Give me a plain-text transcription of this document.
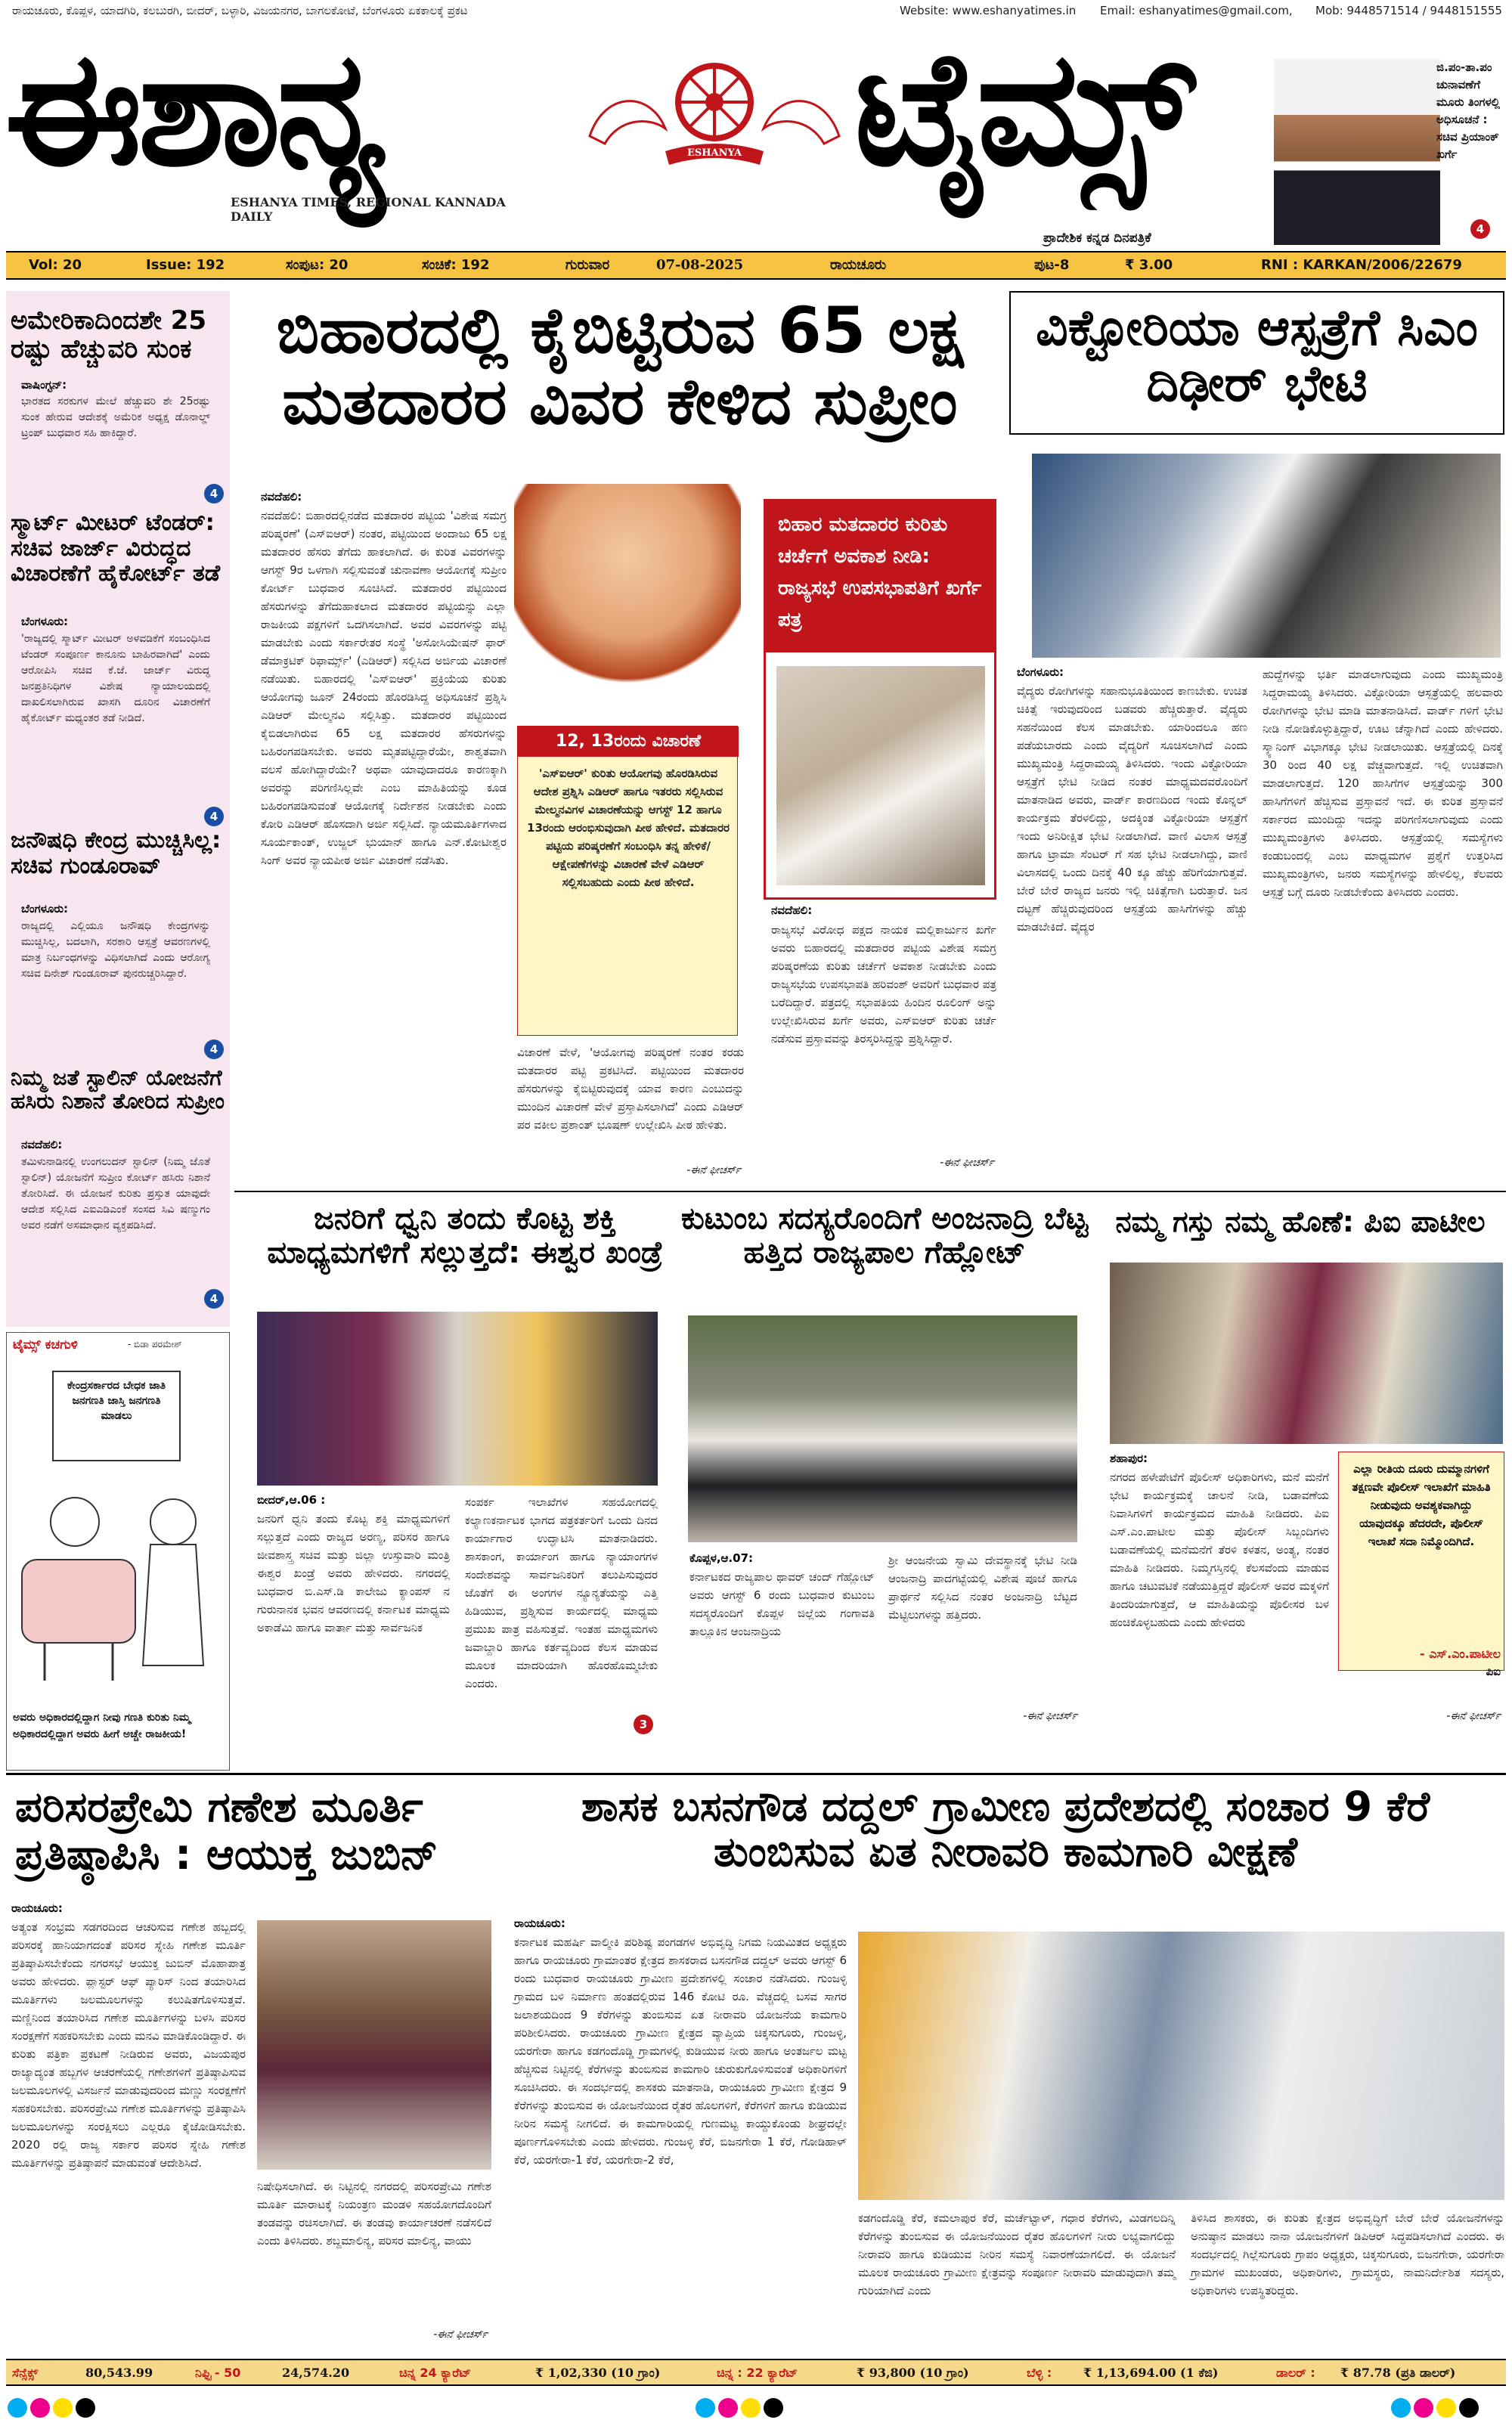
ರಾಯಚೂರು, ಕೊಪ್ಪಳ, ಯಾದಗಿರಿ, ಕಲಬುರಗಿ, ಬೀದರ್, ಬಳ್ಳಾರಿ, ವಿಜಯನಗರ, ಬಾಗಲಕೋಟೆ, ಬೆಂಗಳೂರು ಏಕಕಾಲಕ್ಕೆ ಪ್ರಕಟ	Website: www.eshanyatimes.in	Email: eshanyatimes@gmail.com,	Mob: 9448571514 / 9448151555
ಈಶಾನ್ಯ	ESHANYA TIMES ಟೈಮ್ಸ್
ESHANYA TIMES, REGIONAL KANNADA DAILY
ಪ್ರಾದೇಶಿಕ ಕನ್ನಡ ದಿನಪತ್ರಿಕೆ
ಜಿ.ಪಂ-ತಾ.ಪಂ
ಚುನಾವಣೆಗೆ
ಮೂರು ತಿಂಗಳಲ್ಲಿ
ಅಧಿಸೂಚನೆ :
ಸಚಿವ ಪ್ರಿಯಾಂಕ್
ಖರ್ಗೆ
4
Vol: 20	Issue: 192	ಸಂಪುಟ: 20	ಸಂಚಿಕೆ: 192	ಗುರುವಾರ	07-08-2025	ರಾಯಚೂರು	ಪುಟ-8	₹ 3.00	RNI : KARKAN/2006/22679
ಅಮೇರಿಕಾದಿಂದಶೇ 25 ರಷ್ಟು ಹೆಚ್ಚುವರಿ ಸುಂಕ
ವಾಷಿಂಗ್ಟನ್:
ಭಾರತದ ಸರಕುಗಳ ಮೇಲೆ ಹೆಚ್ಚುವರಿ ಶೇ 25ರಷ್ಟು ಸುಂಕ ಹೇರುವ ಆದೇಶಕ್ಕೆ ಅಮೆರಿಕ ಅಧ್ಯಕ್ಷ ಡೊನಾಲ್ಡ್ ಟ್ರಂಪ್ ಬುಧವಾರ ಸಹಿ ಹಾಕಿದ್ದಾರೆ.
4
ಸ್ಮಾರ್ಟ್ ಮೀಟರ್ ಟೆಂಡರ್: ಸಚಿವ ಜಾರ್ಜ್ ವಿರುದ್ಧದ ವಿಚಾರಣೆಗೆ ಹೈಕೋರ್ಟ್ ತಡೆ
ಬೆಂಗಳೂರು:
'ರಾಜ್ಯದಲ್ಲಿ ಸ್ಮಾರ್ಟ್ ಮೀಟರ್ ಅಳವಡಿಕೆಗೆ ಸಂಬಂಧಿಸಿದ ಟೆಂಡರ್ ಸಂಪೂರ್ಣ ಕಾನೂನು ಬಾಹಿರವಾಗಿದೆ' ಎಂದು ಆರೋಪಿಸಿ ಸಚಿವ ಕೆ.ಜೆ. ಜಾರ್ಜ್ ವಿರುದ್ಧ ಜನಪ್ರತಿನಿಧಿಗಳ ವಿಶೇಷ ನ್ಯಾಯಾಲಯದಲ್ಲಿ ದಾಖಲಿಸಲಾಗಿರುವ ಖಾಸಗಿ ದೂರಿನ ವಿಚಾರಣೆಗೆ ಹೈಕೋರ್ಟ್ ಮಧ್ಯಂತರ ತಡೆ ನೀಡಿದೆ.
4
ಜನೌಷಧಿ ಕೇಂದ್ರ ಮುಚ್ಚಿಸಿಲ್ಲ: ಸಚಿವ ಗುಂಡೂರಾವ್
ಬೆಂಗಳೂರು:
ರಾಜ್ಯದಲ್ಲಿ ಎಲ್ಲಿಯೂ ಜನೌಷಧಿ ಕೇಂದ್ರಗಳನ್ನು ಮುಚ್ಚಿಸಿಲ್ಲ, ಬದಲಾಗಿ, ಸರಕಾರಿ ಆಸ್ಪತ್ರೆ ಆವರಣಗಳಲ್ಲಿ ಮಾತ್ರ ನಿರ್ಬಂಧಗಳನ್ನು ವಿಧಿಸಲಾಗಿದೆ ಎಂದು ಆರೋಗ್ಯ ಸಚಿವ ದಿನೇಶ್ ಗುಂಡೂರಾವ್ ಪುನರುಚ್ಚರಿಸಿದ್ದಾರೆ.
4
ನಿಮ್ಮ ಜತೆ ಸ್ಟಾಲಿನ್ ಯೋಜನೆಗೆ ಹಸಿರು ನಿಶಾನೆ ತೋರಿದ ಸುಪ್ರೀಂ
ನವದೆಹಲಿ:
ತಮಿಳುನಾಡಿನಲ್ಲಿ ಉಂಗಲುದನ್ ಸ್ಟಾಲಿನ್ (ನಿಮ್ಮ ಜೊತೆ ಸ್ಟಾಲಿನ್) ಯೋಜನೆಗೆ ಸುಪ್ರೀಂ ಕೋರ್ಟ್ ಹಸಿರು ನಿಶಾನೆ ತೋರಿಸಿದೆ. ಈ ಯೋಜನೆ ಕುರಿತು ಪ್ರಸ್ತುತ ಯಾವುದೇ ಆದೇಶ ಸಲ್ಲಿಸಿದ ಎಐಎಡಿಎಂಕೆ ಸಂಸದ ಸಿವಿ ಷಣ್ಮುಗಂ ಅವರ ನಡೆಗೆ ಅಸಮಾಧಾನ ವ್ಯಕ್ತಪಡಿಸಿದೆ.
4
ಟೈಮ್ಸ್ ಕಚಗುಳಿ	- ಬಿಡಾ ಪರಮೇಶ್
ಕೇಂದ್ರಸರ್ಕಾರದ ಬೇಧಕ ಜಾತಿ ಜನಗಣತಿ ಜಾಸ್ತಿ ಜನಗಣತಿ ಮಾಡಲು
ಅವರು ಅಧಿಕಾರದಲ್ಲಿದ್ದಾಗ ನೀವು ಗಣತಿ ಕುರಿತು ನಿಮ್ಮ ಅಧಿಕಾರದಲ್ಲಿದ್ದಾಗ ಅವರು ಹೀಗೆ ಅಚ್ಚೇ ರಾಜಕೀಯ!
ಬಿಹಾರದಲ್ಲಿ ಕೈಬಿಟ್ಟಿರುವ 65 ಲಕ್ಷ ಮತದಾರರ ವಿವರ ಕೇಳಿದ ಸುಪ್ರೀಂ
ನವದೆಹಲಿ:
ನವದೆಹಲಿ: ಬಿಹಾರದಲ್ಲಿನಡೆದ ಮತದಾರರ ಪಟ್ಟಿಯ 'ವಿಶೇಷ ಸಮಗ್ರ ಪರಿಷ್ಕರಣೆ' (ಎಸ್ಐಆರ್) ನಂತರ, ಪಟ್ಟಿಯಿಂದ ಅಂದಾಜು 65 ಲಕ್ಷ ಮತದಾರರ ಹೆಸರು ತೆಗೆದು ಹಾಕಲಾಗಿದೆ. ಈ ಕುರಿತ ವಿವರಗಳನ್ನು ಆಗಸ್ಟ್ 9ರ ಒಳಗಾಗಿ ಸಲ್ಲಿಸುವಂತೆ ಚುನಾವಣಾ ಆಯೋಗಕ್ಕೆ ಸುಪ್ರೀಂ ಕೋರ್ಟ್ ಬುಧವಾರ ಸೂಚಿಸಿದೆ. ಮತದಾರರ ಪಟ್ಟಿಯಿಂದ ಹೆಸರುಗಳನ್ನು ತೆಗೆದುಹಾಕಲಾದ ಮತದಾರರ ಪಟ್ಟಿಯನ್ನು ಎಲ್ಲಾ ರಾಜಕೀಯ ಪಕ್ಷಗಳಿಗೆ ಒದಗಿಸಲಾಗಿದೆ. ಅವರ ವಿವರಗಳನ್ನು ಪಟ್ಟಿ ಮಾಡಬೇಕು ಎಂದು ಸರ್ಕಾರೇತರ ಸಂಸ್ಥೆ 'ಅಸೋಸಿಯೇಷನ್ ಫಾರ್ ಡೆಮಾಕ್ರಟಿಕ್ ರಿಫಾರ್ಮ್ಸ್' (ಎಡಿಆರ್) ಸಲ್ಲಿಸಿದ ಅರ್ಜಿಯ ವಿಚಾರಣೆ ನಡೆಯಿತು. ಬಿಹಾರದಲ್ಲಿ 'ಎಸ್ಐಆರ್' ಪ್ರಕ್ರಿಯೆಯ ಕುರಿತು ಆಯೋಗವು ಜೂನ್ 24ರಂದು ಹೊರಡಿಸಿದ್ದ ಅಧಿಸೂಚನೆ ಪ್ರಶ್ನಿಸಿ ಎಡಿಆರ್ ಮೇಲ್ಮನವಿ ಸಲ್ಲಿಸಿತ್ತು. ಮತದಾರರ ಪಟ್ಟಿಯಿಂದ ಕೈಬಿಡಲಾಗಿರುವ 65 ಲಕ್ಷ ಮತದಾರರ ಹೆಸರುಗಳನ್ನು ಬಹಿರಂಗಪಡಿಸಬೇಕು. ಅವರು ಮೃತಪಟ್ಟಿದ್ದಾರೆಯೇ, ಶಾಶ್ವತವಾಗಿ ವಲಸೆ ಹೋಗಿದ್ದಾರೆಯೇ? ಅಥವಾ ಯಾವುದಾದರೂ ಕಾರಣಕ್ಕಾಗಿ ಅವರನ್ನು ಪರಿಗಣಿಸಿಲ್ಲವೇ ಎಂಬ ಮಾಹಿತಿಯನ್ನು ಕೂಡ ಬಹಿರಂಗಪಡಿಸುವಂತೆ ಆಯೋಗಕ್ಕೆ ನಿರ್ದೇಶನ ನೀಡಬೇಕು ಎಂದು ಕೋರಿ ಎಡಿಆರ್ ಹೊಸದಾಗಿ ಅರ್ಜಿ ಸಲ್ಲಿಸಿದೆ. ನ್ಯಾಯಮೂರ್ತಿಗಳಾದ ಸೂರ್ಯಕಾಂತ್, ಉಜ್ಜಲ್ ಭುಯಾನ್ ಹಾಗೂ ಎನ್.ಕೋಟೀಶ್ವರ ಸಿಂಗ್ ಅವರ ನ್ಯಾಯಪೀಠ ಅರ್ಜಿ ವಿಚಾರಣೆ ನಡೆಸಿತು.
12, 13ರಂದು ವಿಚಾರಣೆ
'ಎಸ್ಐಆರ್' ಕುರಿತು ಆಯೋಗವು ಹೊರಡಿಸಿರುವ ಆದೇಶ ಪ್ರಶ್ನಿಸಿ ಎಡಿಆರ್ ಹಾಗೂ ಇತರರು ಸಲ್ಲಿಸಿರುವ ಮೇಲ್ಮನವಿಗಳ ವಿಚಾರಣೆಯನ್ನು ಆಗಸ್ಟ್ 12 ಹಾಗೂ 13ರಂದು ಆರಂಭಿಸುವುದಾಗಿ ಪೀಠ ಹೇಳಿದೆ. ಮತದಾರರ ಪಟ್ಟಿಯ ಪರಿಷ್ಕರಣೆಗೆ ಸಂಬಂಧಿಸಿ ತನ್ನ ಹೇಳಿಕೆ/ಆಕ್ಷೇಪಣೆಗಳನ್ನು ವಿಚಾರಣೆ ವೇಳೆ ಎಡಿಆರ್ ಸಲ್ಲಿಸಬಹುದು ಎಂದು ಪೀಠ ಹೇಳಿದೆ.
ವಿಚಾರಣೆ ವೇಳೆ, 'ಆಯೋಗವು ಪರಿಷ್ಕರಣೆ ನಂತರ ಕರಡು ಮತದಾರರ ಪಟ್ಟಿ ಪ್ರಕಟಿಸಿದೆ. ಪಟ್ಟಿಯಿಂದ ಮತದಾರರ ಹೆಸರುಗಳನ್ನು ಕೈಬಿಟ್ಟಿರುವುದಕ್ಕೆ ಯಾವ ಕಾರಣ ಎಂಬುದನ್ನು ಮುಂದಿನ ವಿಚಾರಣೆ ವೇಳೆ ಪ್ರಸ್ತಾಪಿಸಲಾಗಿದೆ' ಎಂದು ಎಡಿಆರ್ ಪರ ವಕೀಲ ಪ್ರಶಾಂತ್ ಭೂಷಣ್ ಉಲ್ಲೇಖಿಸಿ ಪೀಠ ಹೇಳಿತು.
-ಈನೆ ಫೀಚರ್ಸ್
ಬಿಹಾರ ಮತದಾರರ ಕುರಿತು ಚರ್ಚೆಗೆ ಅವಕಾಶ ನೀಡಿ: ರಾಜ್ಯಸಭೆ ಉಪಸಭಾಪತಿಗೆ ಖರ್ಗೆ ಪತ್ರ
ನವದೆಹಲಿ:
ರಾಜ್ಯಸಭೆ ವಿರೋಧ ಪಕ್ಷದ ನಾಯಕ ಮಲ್ಲಿಕಾರ್ಜುನ ಖರ್ಗೆ ಅವರು ಬಿಹಾರದಲ್ಲಿ ಮತದಾರರ ಪಟ್ಟಿಯ ವಿಶೇಷ ಸಮಗ್ರ ಪರಿಷ್ಕರಣೆಯ ಕುರಿತು ಚರ್ಚೆಗೆ ಅವಕಾಶ ನೀಡಬೇಕು ಎಂದು ರಾಜ್ಯಸಭೆಯ ಉಪಸಭಾಪತಿ ಹರಿವಂಶ್ ಅವರಿಗೆ ಬುಧವಾರ ಪತ್ರ ಬರೆದಿದ್ದಾರೆ. ಪತ್ರದಲ್ಲಿ ಸಭಾಪತಿಯ ಹಿಂದಿನ ರೂಲಿಂಗ್ ಅನ್ನು ಉಲ್ಲೇಖಿಸಿರುವ ಖರ್ಗೆ ಅವರು, ಎಸ್ಐಆರ್ ಕುರಿತು ಚರ್ಚೆ ನಡೆಸುವ ಪ್ರಸ್ತಾವವನ್ನು ತಿರಸ್ಕರಿಸಿದ್ದನ್ನು ಪ್ರಶ್ನಿಸಿದ್ದಾರೆ.
-ಈನೆ ಫೀಚರ್ಸ್
ವಿಕ್ಟೋರಿಯಾ ಆಸ್ಪತ್ರೆಗೆ ಸಿಎಂ ದಿಢೀರ್ ಭೇಟಿ
ಬೆಂಗಳೂರು:
ವೈದ್ಯರು ರೋಗಿಗಳನ್ನು ಸಹಾನುಭೂತಿಯಿಂದ ಕಾಣಬೇಕು. ಉಚಿತ ಚಿಕಿತ್ಸೆ ಇರುವುದರಿಂದ ಬಡವರು ಹೆಚ್ಚಿರುತ್ತಾರೆ. ವೈದ್ಯರು ಸಹನೆಯಿಂದ ಕೆಲಸ ಮಾಡಬೇಕು. ಯಾರಿಂದಲೂ ಹಣ ಪಡೆಯಬಾರದು ಎಂದು ವೈದ್ಯರಿಗೆ ಸೂಚಿಸಲಾಗಿದೆ ಎಂದು ಮುಖ್ಯಮಂತ್ರಿ ಸಿದ್ದರಾಮಯ್ಯ ತಿಳಿಸಿದರು. ಇಂದು ವಿಕ್ಟೋರಿಯಾ ಆಸ್ಪತ್ರೆಗೆ ಭೇಟಿ ನೀಡಿದ ನಂತರ ಮಾಧ್ಯಮದವರೊಂದಿಗೆ ಮಾತನಾಡಿದ ಅವರು, ವಾರ್ಡ್ ಕಾರಣದಿಂದ ಇಂದು ಕೊನ್ನಲ್ ಕಾರ್ಯಕ್ರಮ ತೆರಳಲಿದ್ದು, ಅದಕ್ಕಿಂತ ವಿಕ್ಟೋರಿಯಾ ಆಸ್ಪತ್ರೆಗೆ ಇಂದು ಅನಿರೀಕ್ಷಿತ ಭೇಟಿ ನೀಡಲಾಗಿದೆ. ವಾಣಿ ವಿಲಾಸ ಆಸ್ಪತ್ರೆ ಹಾಗೂ ಟ್ರಾಮಾ ಸೆಂಟರ್ ಗೆ ಸಹ ಭೇಟಿ ನೀಡಲಾಗಿದ್ದು, ವಾಣಿ ವಿಲಾಸದಲ್ಲಿ ಒಂದು ದಿನಕ್ಕೆ 40 ಕ್ಕೂ ಹೆಚ್ಚು ಹೆರಿಗೆಯಾಗುತ್ತವೆ. ಬೇರೆ ಬೇರೆ ರಾಜ್ಯದ ಜನರು ಇಲ್ಲಿ ಚಿಕಿತ್ಸೆಗಾಗಿ ಬರುತ್ತಾರೆ. ಜನ ದಟ್ಟಣೆ ಹೆಚ್ಚಿರುವುದರಿಂದ ಆಸ್ಪತ್ರೆಯ ಹಾಸಿಗೆಗಳನ್ನು ಹೆಚ್ಚು ಮಾಡಬೇಕಿದೆ. ವೈದ್ಯರ
ಹುದ್ದೆಗಳನ್ನು ಭರ್ತಿ ಮಾಡಲಾಗುವುದು ಎಂದು ಮುಖ್ಯಮಂತ್ರಿ ಸಿದ್ದರಾಮಯ್ಯ ತಿಳಿಸಿದರು. ವಿಕ್ಟೋರಿಯಾ ಆಸ್ಪತ್ರೆಯಲ್ಲಿ ಹಲವಾರು ರೋಗಿಗಳನ್ನು ಭೇಟಿ ಮಾಡಿ ಮಾತನಾಡಿಸಿದೆ. ವಾರ್ಡ್ ಗಳಿಗೆ ಭೇಟಿ ನೀಡಿ ನೋಡಿಕೊಳ್ಳುತ್ತಿದ್ದಾರೆ, ಊಟ ಚೆನ್ನಾಗಿದೆ ಎಂದು ಹೇಳಿದರು. ಸ್ಕ್ಯಾನಿಂಗ್ ವಿಭಾಗಕ್ಕೂ ಭೇಟಿ ನೀಡಲಾಯಿತು. ಆಸ್ಪತ್ರೆಯಲ್ಲಿ ದಿನಕ್ಕೆ 30 ರಿಂದ 40 ಲಕ್ಷ ವೆಚ್ಚವಾಗುತ್ತದೆ. ಇಲ್ಲಿ ಉಚಿತವಾಗಿ ಮಾಡಲಾಗುತ್ತದೆ. 120 ಹಾಸಿಗೆಗಳ ಆಸ್ಪತ್ರೆಯನ್ನು 300 ಹಾಸಿಗೆಗಳಿಗೆ ಹೆಚ್ಚಿಸುವ ಪ್ರಸ್ತಾವನೆ ಇದೆ. ಈ ಕುರಿತ ಪ್ರಸ್ತಾವನೆ ಸರ್ಕಾರದ ಮುಂದಿದ್ದು ಇದನ್ನು ಪರಿಗಣಿಸಲಾಗುವುದು ಎಂದು ಮುಖ್ಯಮಂತ್ರಿಗಳು ತಿಳಿಸಿದರು. ಆಸ್ಪತ್ರೆಯಲ್ಲಿ ಸಮಸ್ಯೆಗಳು ಕಂಡುಬಂದಲ್ಲಿ ಎಂಬ ಮಾಧ್ಯಮಗಳ ಪ್ರಶ್ನೆಗೆ ಉತ್ತರಿಸಿದ ಮುಖ್ಯಮಂತ್ರಿಗಳು, ಜನರು ಸಮಸ್ಯೆಗಳನ್ನು ಹೇಳಲಿಲ್ಲ, ಕೆಲವರು ಆಸ್ಪತ್ರೆ ಬಗ್ಗೆ ದೂರು ನೀಡಬೇಕೆಂದು ತಿಳಿಸಿದರು ಎಂದರು.
ಜನರಿಗೆ ಧ್ವನಿ ತಂದು ಕೊಟ್ಟ ಶಕ್ತಿ ಮಾಧ್ಯಮಗಳಿಗೆ ಸಲ್ಲುತ್ತದೆ: ಈಶ್ವರ ಖಂಡ್ರೆ
ಬೀದರ್,ಆ.06 :
ಜನರಿಗೆ ಧ್ವನಿ ತಂದು ಕೊಟ್ಟ ಶಕ್ತಿ ಮಾಧ್ಯಮಗಳಿಗೆ ಸಲ್ಲುತ್ತದೆ ಎಂದು ರಾಜ್ಯದ ಅರಣ್ಯ, ಪರಿಸರ ಹಾಗೂ ಜೀವಶಾಸ್ತ್ರ ಸಚಿವ ಮತ್ತು ಜಿಲ್ಲಾ ಉಸ್ತುವಾರಿ ಮಂತ್ರಿ ಈಶ್ವರ ಖಂಡ್ರೆ ಅವರು ಹೇಳಿದರು. ನಗರದಲ್ಲಿ ಬುಧವಾರ ಬಿ.ಎಸ್.ಡಿ ಕಾಲೇಜು ಕ್ಯಾಂಪಸ್ ನ ಗುರುನಾನಕ ಭವನ ಆವರಣದಲ್ಲಿ ಕರ್ನಾಟಕ ಮಾಧ್ಯಮ ಅಕಾಡೆಮಿ ಹಾಗೂ ವಾರ್ತಾ ಮತ್ತು ಸಾರ್ವಜನಿಕ
ಸಂಪರ್ಕ ಇಲಾಖೆಗಳ ಸಹಯೋಗದಲ್ಲಿ ಕಲ್ಯಾಣಕರ್ನಾಟಕ ಭಾಗದ ಪತ್ರಕರ್ತರಿಗೆ ಒಂದು ದಿನದ ಕಾರ್ಯಾಗಾರ ಉದ್ಘಾಟಿಸಿ ಮಾತನಾಡಿದರು. ಶಾಸಕಾಂಗ, ಕಾರ್ಯಾಂಗ ಹಾಗೂ ನ್ಯಾಯಾಂಗಗಳ ಸಂದೇಶವನ್ನು ಸಾರ್ವಜನಿಕರಿಗೆ ತಲುಪಿಸುವುದರ ಜೊತೆಗೆ ಈ ಅಂಗಗಳ ನ್ಯೂನ್ಯತೆಯನ್ನು ಎತ್ತಿ ಹಿಡಿಯುವ, ಪ್ರಶ್ನಿಸುವ ಕಾರ್ಯದಲ್ಲಿ ಮಾಧ್ಯಮ ಪ್ರಮುಖ ಪಾತ್ರ ವಹಿಸುತ್ತವೆ. ಇಂತಹ ಮಾಧ್ಯಮಗಳು ಜವಾಬ್ದಾರಿ ಹಾಗೂ ಕರ್ತವ್ಯದಿಂದ ಕೆಲಸ ಮಾಡುವ ಮೂಲಕ ಮಾದರಿಯಾಗಿ ಹೊರಹೊಮ್ಮಬೇಕು ಎಂದರು.
3
ಕುಟುಂಬ ಸದಸ್ಯರೊಂದಿಗೆ ಅಂಜನಾದ್ರಿ ಬೆಟ್ಟ ಹತ್ತಿದ ರಾಜ್ಯಪಾಲ ಗೆಹ್ಲೋಟ್
ಕೊಪ್ಪಳ,ಆ.07:
ಕರ್ನಾಟಕದ ರಾಜ್ಯಪಾಲ ಥಾವರ್ ಚಂದ್ ಗೆಹ್ಲೋಟ್ ಅವರು ಆಗಸ್ಟ್ 6 ರಂದು ಬುಧವಾರ ಕುಟುಂಬ ಸದಸ್ಯರೊಂದಿಗೆ ಕೊಪ್ಪಳ ಜಿಲ್ಲೆಯ ಗಂಗಾವತಿ ತಾಲ್ಲೂಕಿನ ಆಂಜನಾದ್ರಿಯ
ಶ್ರೀ ಆಂಜನೇಯ ಸ್ವಾಮಿ ದೇವಸ್ಥಾನಕ್ಕೆ ಭೇಟಿ ನೀಡಿ ಆಂಜನಾದ್ರಿ ಪಾದಗಟ್ಟೆಯಲ್ಲಿ ವಿಶೇಷ ಪೂಜೆ ಹಾಗೂ ಪ್ರಾರ್ಥನೆ ಸಲ್ಲಿಸಿದ ನಂತರ ಅಂಜನಾದ್ರಿ ಬೆಟ್ಟದ ಮೆಟ್ಟಿಲುಗಳನ್ನು ಹತ್ತಿದರು.
-ಈನೆ ಫೀಚರ್ಸ್
ನಮ್ಮ ಗಸ್ತು ನಮ್ಮ ಹೊಣೆ: ಪಿಐ ಪಾಟೀಲ
ಶಹಾಪುರ:
ನಗರದ ಹಳೇಪೇಟೆಗೆ ಪೊಲೀಸ್ ಅಧಿಕಾರಿಗಳು, ಮನೆ ಮನೆಗೆ ಭೇಟಿ ಕಾರ್ಯಕ್ರಮಕ್ಕೆ ಚಾಲನೆ ನೀಡಿ, ಬಡಾವಣೆಯ ನಿವಾಸಿಗಳಿಗೆ ಕಾರ್ಯಕ್ರಮದ ಮಾಹಿತಿ ನೀಡಿದರು. ಪಿಐ ಎಸ್.ಎಂ.ಪಾಟೀಲ ಮತ್ತು ಪೊಲೀಸ್ ಸಿಬ್ಬಂದಿಗಳು ಬಡಾವಣೆಯಲ್ಲಿ ಮನೆಮನೆಗೆ ತೆರಳಿ ಕಳತನ, ಅಂತ್ಯ, ನಂತರ ಮಾಹಿತಿ ನೀಡಿದರು. ನಿಮ್ಮಗಸ್ತಿನಲ್ಲಿ ಕೆಲಸವೆಂದು ಮಾಡುವ ಹಾಗೂ ಚಟುವಟಿಕೆ ನಡೆಯುತ್ತಿದ್ದರೆ ಪೊಲೀಸ್ ಅವರ ಮಕ್ಕಳಿಗೆ ತಿಂದರಿಯಾಗುತ್ತದೆ, ಆ ಮಾಹಿತಿಯನ್ನು ಪೊಲೀಸರ ಬಳ ಹಂಚಿಕೊಳ್ಳಬಹುದು ಎಂದು ಹೇಳಿದರು
ಎಲ್ಲಾ ರೀತಿಯ ದೂರು ದುಮ್ಮಾನಗಳಿಗೆ ತಕ್ಷಣವೇ ಪೊಲೀಸ್ ಇಲಾಖೆಗೆ ಮಾಹಿತಿ ನೀಡುವುದು ಅವಶ್ಯಕವಾಗಿದ್ದು ಯಾವುದಕ್ಕೂ ಹೆದರದೇ, ಪೊಲೀಸ್ ಇಲಾಖೆ ಸದಾ ನಿಮ್ಮೊಂದಿಗಿದೆ.
- ಎಸ್.ಎಂ.ಪಾಟೀಲ
ಪಿಐ
-ಈನೆ ಫೀಚರ್ಸ್
ಪರಿಸರಪ್ರೇಮಿ ಗಣೇಶ ಮೂರ್ತಿ ಪ್ರತಿಷ್ಠಾಪಿಸಿ : ಆಯುಕ್ತ ಜುಬಿನ್
ರಾಯಚೂರು:
ಅತ್ಯಂತ ಸಂಭ್ರಮ ಸಡಗರದಿಂದ ಆಚರಿಸುವ ಗಣೇಶ ಹಬ್ಬದಲ್ಲಿ ಪರಿಸರಕ್ಕೆ ಹಾನಿಯಾಗದಂತೆ ಪರಿಸರ ಸ್ನೇಹಿ ಗಣೇಶ ಮೂರ್ತಿ ಪ್ರತಿಷ್ಠಾಪಿಸಬೇಕೆಂದು ನಗರಸಭೆ ಆಯುಕ್ತ ಜುಬಿನ್ ಮೊಹಾಪಾತ್ರ ಅವರು ಹೇಳಿದರು. ಪ್ಲಾಸ್ಟರ್ ಆಫ್ ಪ್ಯಾರಿಸ್ ನಿಂದ ತಯಾರಿಸಿದ ಮೂರ್ತಿಗಳು ಜಲಮೂಲಗಳನ್ನು ಕಲುಷಿತಗೊಳಿಸುತ್ತವೆ. ಮಣ್ಣಿನಿಂದ ತಯಾರಿಸಿದ ಗಣೇಶ ಮೂರ್ತಿಗಳನ್ನು ಬಳಸಿ ಪರಿಸರ ಸಂರಕ್ಷಣೆಗೆ ಸಹಕರಿಸಬೇಕು ಎಂದು ಮನವಿ ಮಾಡಿಕೊಂಡಿದ್ದಾರೆ. ಈ ಕುರಿತು ಪತ್ರಿಕಾ ಪ್ರಕಟಣೆ ನೀಡಿರುವ ಅವರು, ವಿಜಯಪುರ ರಾಜ್ಯಾದ್ಯಂತ ಹಬ್ಬಗಳ ಆಚರಣೆಯಲ್ಲಿ ಗಣೇಶಗಳಿಗೆ ಪ್ರತಿಷ್ಠಾಪಿಸುವ ಜಲಮೂಲಗಳಲ್ಲಿ ವಿಸರ್ಜನೆ ಮಾಡುವುದರಿಂದ ಮಣ್ಣು ಸಂರಕ್ಷಣೆಗೆ ಸಹಕರಿಸಬೇಕು. ಪರಿಸರಪ್ರೇಮಿ ಗಣೇಶ ಮೂರ್ತಿಗಳನ್ನು ಪ್ರತಿಷ್ಠಾಪಿಸಿ ಜಲಮೂಲಗಳನ್ನು ಸಂರಕ್ಷಿಸಲು ಎಲ್ಲರೂ ಕೈಜೋಡಿಸಬೇಕು. 2020 ರಲ್ಲಿ ರಾಜ್ಯ ಸರ್ಕಾರ ಪರಿಸರ ಸ್ನೇಹಿ ಗಣೇಶ ಮೂರ್ತಿಗಳನ್ನು ಪ್ರತಿಷ್ಠಾಪನೆ ಮಾಡುವಂತೆ ಆದೇಶಿಸಿದೆ.
ನಿಷೇಧಿಸಲಾಗಿದೆ. ಈ ನಿಟ್ಟಿನಲ್ಲಿ ನಗರದಲ್ಲಿ ಪರಿಸರಪ್ರೇಮಿ ಗಣೇಶ ಮೂರ್ತಿ ಮಾರಾಟಕ್ಕೆ ನಿಯಂತ್ರಣ ಮಂಡಳಿ ಸಹಯೋಗದೊಂದಿಗೆ ತಂಡವನ್ನು ರಚಿಸಲಾಗಿದೆ. ಈ ತಂಡವು ಕಾರ್ಯಾಚರಣೆ ನಡೆಸಲಿದೆ ಎಂದು ತಿಳಿಸಿದರು. ಶಬ್ದಮಾಲಿನ್ಯ, ಪರಿಸರ ಮಾಲಿನ್ಯ, ವಾಯು
-ಈನೆ ಫೀಚರ್ಸ್
ಶಾಸಕ ಬಸನಗೌಡ ದದ್ದಲ್ ಗ್ರಾಮೀಣ ಪ್ರದೇಶದಲ್ಲಿ ಸಂಚಾರ 9 ಕೆರೆ ತುಂಬಿಸುವ ಏತ ನೀರಾವರಿ ಕಾಮಗಾರಿ ವೀಕ್ಷಣೆ
ರಾಯಚೂರು:
ಕರ್ನಾಟಕ ಮಹರ್ಷಿ ವಾಲ್ಮೀಕಿ ಪರಿಶಿಷ್ಟ ಪಂಗಡಗಳ ಅಭಿವೃದ್ಧಿ ನಿಗಮ ನಿಯಮಿತದ ಅಧ್ಯಕ್ಷರು ಹಾಗೂ ರಾಯಚೂರು ಗ್ರಾಮಾಂತರ ಕ್ಷೇತ್ರದ ಶಾಸಕರಾದ ಬಸನಗೌಡ ದದ್ದಲ್ ಅವರು ಆಗಸ್ಟ್ 6 ರಂದು ಬುಧವಾರ ರಾಯಚೂರು ಗ್ರಾಮೀಣ ಪ್ರದೇಶಗಳಲ್ಲಿ ಸಂಚಾರ ನಡೆಸಿದರು. ಗುಂಜಳ್ಳಿ ಗ್ರಾಮದ ಬಳಿ ನಿರ್ಮಾಣ ಹಂತದಲ್ಲಿರುವ 146 ಕೋಟಿ ರೂ. ವೆಚ್ಚದಲ್ಲಿ ಬಸವ ಸಾಗರ ಜಲಾಶಯದಿಂದ 9 ಕೆರೆಗಳನ್ನು ತುಂಬಿಸುವ ಏತ ನೀರಾವರಿ ಯೋಜನೆಯ ಕಾಮಗಾರಿ ಪರಿಶೀಲಿಸಿದರು. ರಾಯಚೂರು ಗ್ರಾಮೀಣ ಕ್ಷೇತ್ರದ ವ್ಯಾಪ್ತಿಯ ಚಿಕ್ಕಸುಗೂರು, ಗುಂಜಳ್ಳಿ, ಯರಗೇರಾ ಹಾಗೂ ಕಡಗಂದೊಡ್ಡಿ ಗ್ರಾಮಗಳಲ್ಲಿ ಕುಡಿಯುವ ನೀರು ಹಾಗೂ ಅಂತರ್ಜಲ ಮಟ್ಟ ಹೆಚ್ಚಿಸುವ ನಿಟ್ಟಿನಲ್ಲಿ ಕೆರೆಗಳನ್ನು ತುಂಬಿಸುವ ಕಾಮಗಾರಿ ಚುರುಕುಗೊಳಿಸುವಂತೆ ಅಧಿಕಾರಿಗಳಿಗೆ ಸೂಚಿಸಿದರು. ಈ ಸಂದರ್ಭದಲ್ಲಿ ಶಾಸಕರು ಮಾತನಾಡಿ, ರಾಯಚೂರು ಗ್ರಾಮೀಣ ಕ್ಷೇತ್ರದ 9 ಕೆರೆಗಳನ್ನು ತುಂಬಿಸುವ ಈ ಯೋಜನೆಯಿಂದ ರೈತರ ಹೊಲಗಳಿಗೆ, ಕೆರೆಗಳಿಗೆ ಹಾಗೂ ಕುಡಿಯುವ ನೀರಿನ ಸಮಸ್ಯೆ ನೀಗಲಿದೆ. ಈ ಕಾಮಗಾರಿಯಲ್ಲಿ ಗುಣಮಟ್ಟ ಕಾಯ್ದುಕೊಂಡು ಶೀಘ್ರದಲ್ಲೇ ಪೂರ್ಣಗೊಳಿಸಬೇಕು ಎಂದು ಹೇಳಿದರು. ಗುಂಜಳ್ಳಿ ಕೆರೆ, ಬಿಜನಗೇರಾ 1 ಕೆರೆ, ಗೋಡಿಹಾಳ್ ಕೆರೆ, ಯರಗೇರಾ-1 ಕೆರೆ, ಯರಗೇರಾ-2 ಕೆರೆ,
ಕಡಗಂದೊಡ್ಡಿ ಕೆರೆ, ಕಮಲಾಪುರ ಕೆರೆ, ಮರ್ಚೆಟ್ಟಾಳ್, ಗಧಾರ ಕೆರೆಗಳು, ಮಿಡಗಲದಿನ್ನಿ ಕೆರೆಗಳನ್ನು ತುಂಬಿಸುವ ಈ ಯೋಜನೆಯಿಂದ ರೈತರ ಹೊಲಗಳಿಗೆ ನೀರು ಲಭ್ಯವಾಗಲಿದ್ದು ನೀರಾವರಿ ಹಾಗೂ ಕುಡಿಯುವ ನೀರಿನ ಸಮಸ್ಯೆ ನಿವಾರಣೆಯಾಗಲಿದೆ. ಈ ಯೋಜನೆ ಮೂಲಕ ರಾಯಚೂರು ಗ್ರಾಮೀಣ ಕ್ಷೇತ್ರವನ್ನು ಸಂಪೂರ್ಣ ನೀರಾವರಿ ಮಾಡುವುದಾಗಿ ತಮ್ಮ ಗುರಿಯಾಗಿದೆ ಎಂದು
ತಿಳಿಸಿದ ಶಾಸಕರು, ಈ ಕುರಿತು ಕ್ಷೇತ್ರದ ಅಭಿವೃದ್ಧಿಗೆ ಬೇರೆ ಬೇರೆ ಯೋಜನೆಗಳನ್ನು ಅನುಷ್ಠಾನ ಮಾಡಲು ನಾನಾ ಯೋಜನೆಗಳಿಗೆ ಡಿಪಿಆರ್ ಸಿದ್ಧಪಡಿಸಲಾಗಿದೆ ಎಂದರು. ಈ ಸಂದರ್ಭದಲ್ಲಿ ಗಿಲ್ಲೆಸುಗೂರು ಗ್ರಾಪಂ ಅಧ್ಯಕ್ಷರು, ಚಿಕ್ಕಸುಗೂರು, ಬಿಜನಗೇರಾ, ಯರಗೇರಾ ಗ್ರಾಮಗಳ ಮುಖಂಡರು, ಅಧಿಕಾರಿಗಳು, ಗ್ರಾಮಸ್ಥರು, ನಾಮನಿರ್ದೇಶಿತ ಸದಸ್ಯರು, ಅಧಿಕಾರಿಗಳು ಉಪಸ್ಥಿತರಿದ್ದರು.
ಸೆನ್ಸೆಕ್ಸ್	80,543.99	ನಿಫ್ಟಿ - 50	24,574.20	ಚಿನ್ನ 24 ಕ್ಯಾರೆಟ್	₹ 1,02,330 (10 ಗ್ರಾಂ)	ಚಿನ್ನ : 22 ಕ್ಯಾರೆಟ್	₹ 93,800 (10 ಗ್ರಾಂ)	ಬೆಳ್ಳಿ :	₹ 1,13,694.00 (1 ಕೆಜಿ)	ಡಾಲರ್ :	₹ 87.78 (ಪ್ರತಿ ಡಾಲರ್)
